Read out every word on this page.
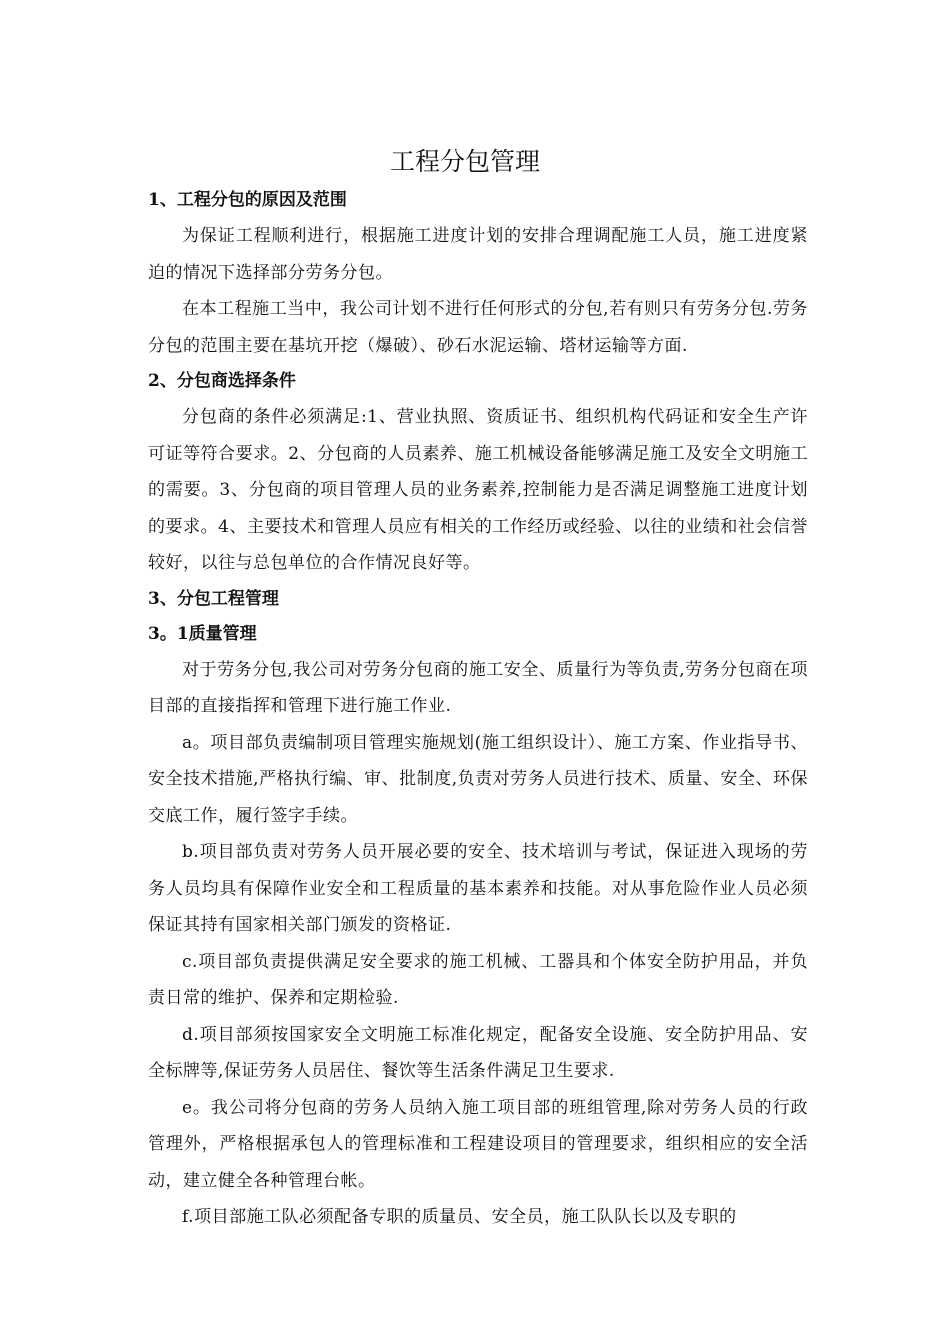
工程分包管理
1、工程分包的原因及范围

为保证工程顺利进行，根据施工进度计划的安排合理调配施工人员，施工进度紧迫的情况下选择部分劳务分包。

在本工程施工当中，我公司计划不进行任何形式的分包,若有则只有劳务分包.劳务分包的范围主要在基坑开挖（爆破）、砂石水泥运输、塔材运输等方面.

2、分包商选择条件

分包商的条件必须满足:1、营业执照、资质证书、组织机构代码证和安全生产许可证等符合要求。2、分包商的人员素养、施工机械设备能够满足施工及安全文明施工的需要。3、分包商的项目管理人员的业务素养,控制能力是否满足调整施工进度计划的要求。4、主要技术和管理人员应有相关的工作经历或经验、以往的业绩和社会信誉较好，以往与总包单位的合作情况良好等。

3、分包工程管理
3。1质量管理

对于劳务分包,我公司对劳务分包商的施工安全、质量行为等负责,劳务分包商在项目部的直接指挥和管理下进行施工作业.

a。项目部负责编制项目管理实施规划(施工组织设计）、施工方案、作业指导书、安全技术措施,严格执行编、审、批制度,负责对劳务人员进行技术、质量、安全、环保交底工作，履行签字手续。

b.项目部负责对劳务人员开展必要的安全、技术培训与考试，保证进入现场的劳务人员均具有保障作业安全和工程质量的基本素养和技能。对从事危险作业人员必须保证其持有国家相关部门颁发的资格证.

c.项目部负责提供满足安全要求的施工机械、工器具和个体安全防护用品，并负责日常的维护、保养和定期检验.

d.项目部须按国家安全文明施工标准化规定，配备安全设施、安全防护用品、安全标牌等,保证劳务人员居住、餐饮等生活条件满足卫生要求.

e。我公司将分包商的劳务人员纳入施工项目部的班组管理,除对劳务人员的行政管理外，严格根据承包人的管理标准和工程建设项目的管理要求，组织相应的安全活动，建立健全各种管理台帐。

f.项目部施工队必须配备专职的质量员、安全员，施工队队长以及专职的
